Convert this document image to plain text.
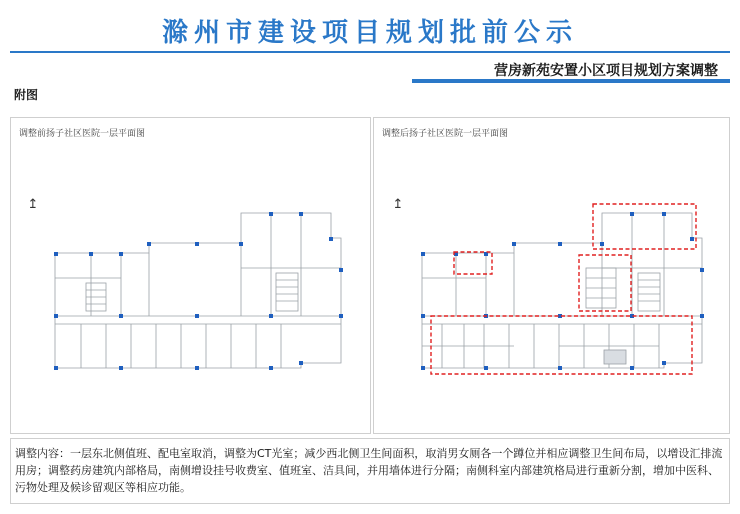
滁州市建设项目规划批前公示
营房新苑安置小区项目规划方案调整
附图
调整前扬子社区医院一层平面图
↥
调整后扬子社区医院一层平面图
↥
调整内容：一层东北侧值班、配电室取消，调整为CT光室；减少西北侧卫生间面积，取消男女厕各一个蹲位并相应调整卫生间布局，以增设汇排流用房；调整药房建筑内部格局，南侧增设挂号收费室、值班室、洁具间，并用墙体进行分隔；南侧科室内部建筑格局进行重新分割，增加中医科、污物处理及候诊留观区等相应功能。
